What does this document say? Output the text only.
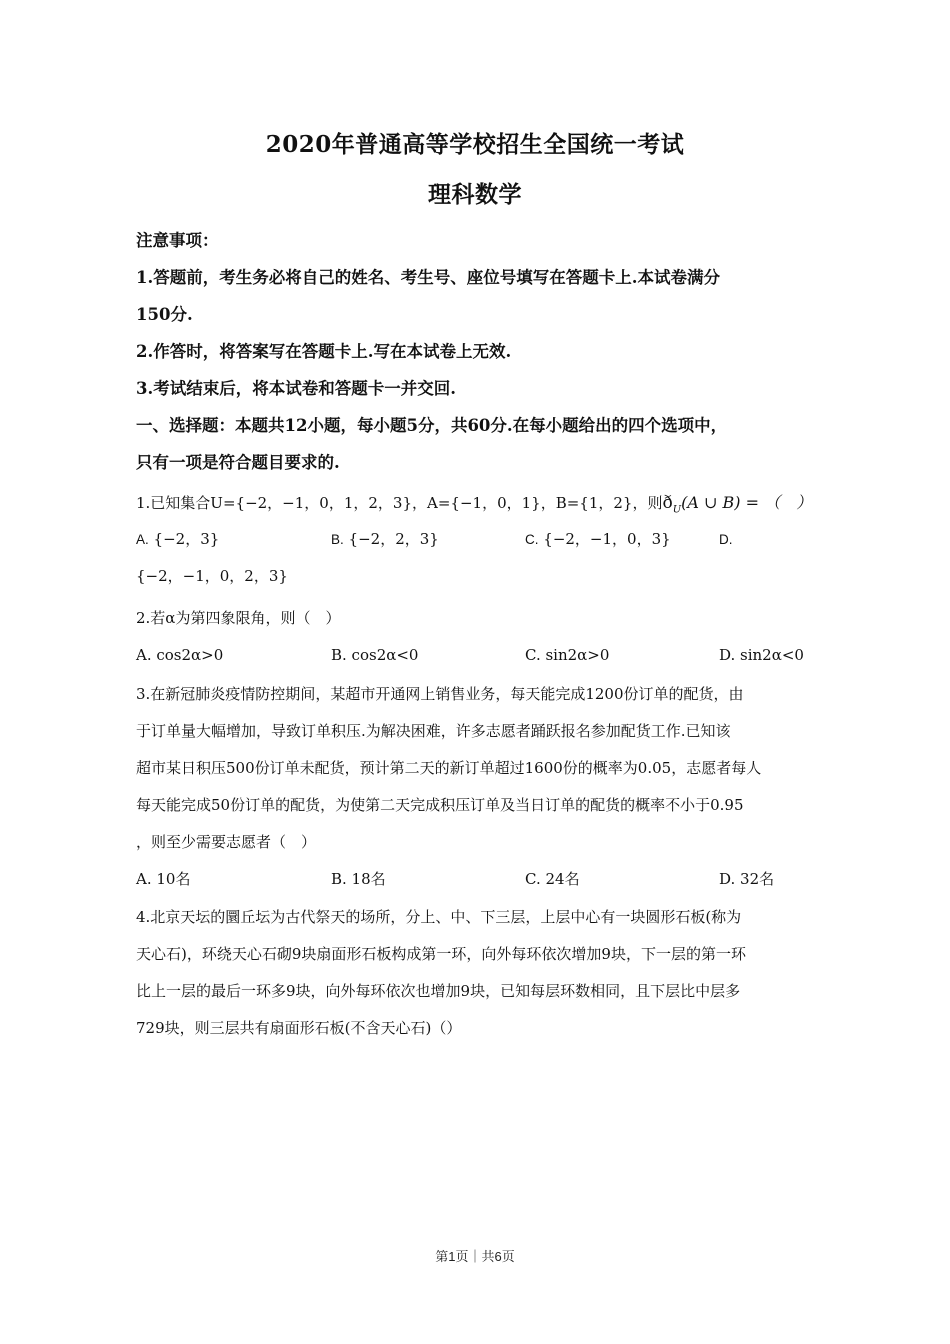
2020年普通高等学校招生全国统一考试
理科数学
注意事项：
1.答题前，考生务必将自己的姓名、考生号、座位号填写在答题卡上.本试卷满分
150分.
2.作答时，将答案写在答题卡上.写在本试卷上无效.
3.考试结束后，将本试卷和答题卡一并交回.
一、选择题：本题共12小题，每小题5分，共60分.在每小题给出的四个选项中，
只有一项是符合题目要求的.
1.已知集合U={−2，−1，0，1，2，3}，A={−1，0，1}，B={1，2}，则$ð_U(A$ ∪ B) = （　）
A. {−2，3}	B. {−2，2，3}	C. {−2，−1，0，3}	D.
{−2，−1，0，2，3}
2.若α为第四象限角，则（　）
A. cos2α>0	B. cos2α<0	C. sin2α>0	D. sin2α<0
3.在新冠肺炎疫情防控期间，某超市开通网上销售业务，每天能完成1200份订单的配货，由
于订单量大幅增加，导致订单积压.为解决困难，许多志愿者踊跃报名参加配货工作.已知该
超市某日积压500份订单未配货，预计第二天的新订单超过1600份的概率为0.05，志愿者每人
每天能完成50份订单的配货，为使第二天完成积压订单及当日订单的配货的概率不小于0.95
，则至少需要志愿者（　）
A. 10名	B. 18名	C. 24名	D. 32名
4.北京天坛的圜丘坛为古代祭天的场所，分上、中、下三层，上层中心有一块圆形石板(称为
天心石)，环绕天心石砌9块扇面形石板构成第一环，向外每环依次增加9块，下一层的第一环
比上一层的最后一环多9块，向外每环依次也增加9块，已知每层环数相同，且下层比中层多
729块，则三层共有扇面形石板(不含天心石)（）
第1页｜共6页
